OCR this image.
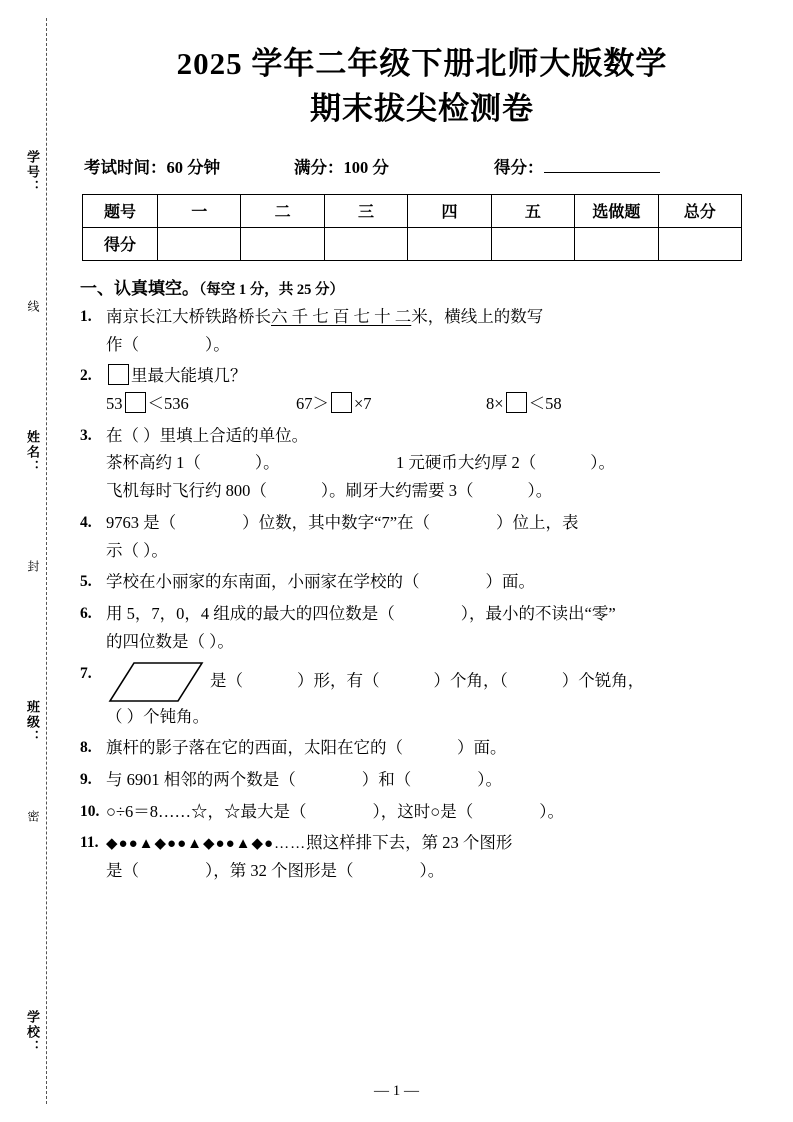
学号：
线
姓名：
封
班级：
密
学校：
2025 学年二年级下册北师大版数学
期末拔尖检测卷
考试时间：60 分钟	满分：100 分	得分：
题号	一	二	三	四	五	选做题	总分
得分							
一、认真填空。（每空 1 分，共 25 分）
1. 南京长江大桥铁路桥长六 千 七 百 七 十 二米，横线上的数写
作（	）。
2. 里最大能填几？
53 ＜536	67＞ ×7	8× ＜58
3. 在（ ）里填上合适的单位。
茶杯高约 1（	）。	1 元硬币大约厚 2（	）。
飞机每时飞行约 800（	）。刷牙大约需要 3（	）。
4. 9763 是（	）位数，其中数字“7”在（	）位上，表
示（ ）。
5. 学校在小丽家的东南面，小丽家在学校的（	）面。
6. 用 5，7，0，4 组成的最大的四位数是（	），最小的不读出“零”
的四位数是（ ）。
7.	是（	）形，有（	）个角，（	）个锐角，
（ ）个钝角。
8. 旗杆的影子落在它的西面，太阳在它的（	）面。
9. 与 6901 相邻的两个数是（	）和（	）。
10. ○÷6＝8……☆，☆最大是（	），这时○是（	）。
11. ◆●●▲◆●●▲◆●●▲◆●……照这样排下去，第 23 个图形
是（	），第 32 个图形是（	）。
— 1 —
